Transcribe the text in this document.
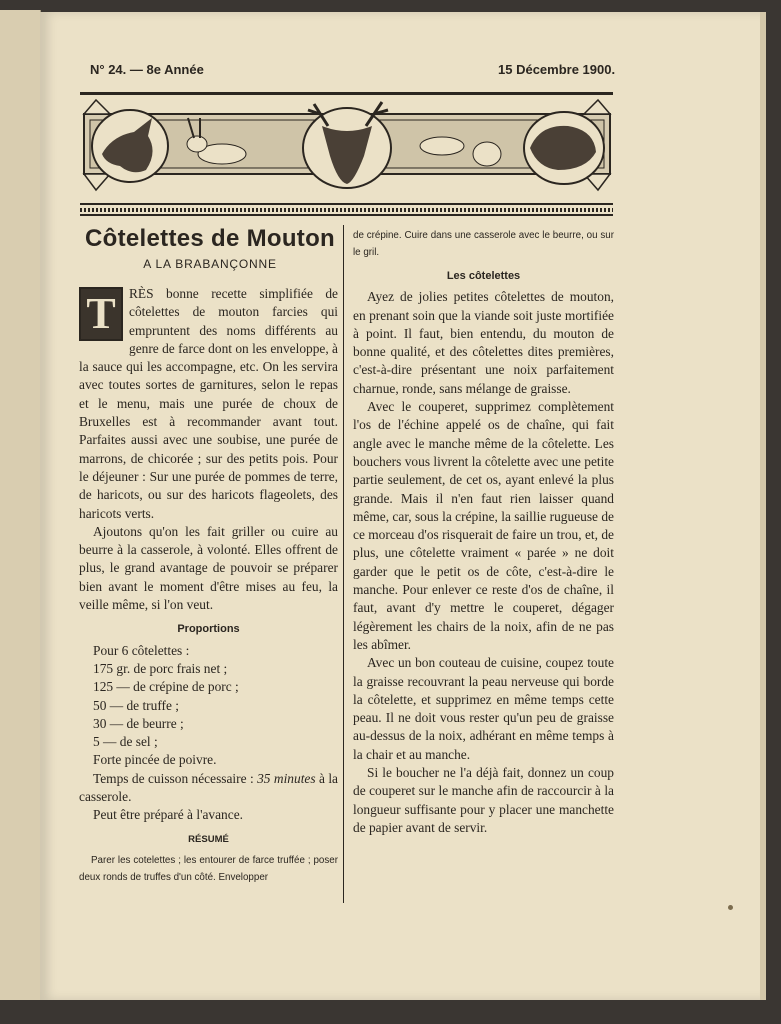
N° 24. — 8e Année	15 Décembre 1900.
Côtelettes de Mouton
A LA BRABANÇONNE
T RÈS bonne recette simplifiée de côtelettes de mouton farcies qui empruntent des noms différents au genre de farce dont on les enveloppe, à la sauce qui les accompagne, etc. On les servira avec toutes sortes de garnitures, selon le repas et le menu, mais une purée de choux de Bruxelles est à recommander avant tout. Parfaites aussi avec une soubise, une purée de marrons, de chicorée ; sur des petits pois. Pour le déjeuner : Sur une purée de pommes de terre, de haricots, ou sur des haricots flageolets, des haricots verts.

Ajoutons qu'on les fait griller ou cuire au beurre à la casserole, à volonté. Elles offrent de plus, le grand avantage de pouvoir se préparer bien avant le moment d'être mises au feu, la veille même, si l'on veut.

Proportions

Pour 6 côtelettes :

175 gr. de porc frais net ;

125 — de crépine de porc ;

50 — de truffe ;

30 — de beurre ;

5 — de sel ;

Forte pincée de poivre.

Temps de cuisson nécessaire : 35 minutes à la casserole.

Peut être préparé à l'avance.

RÉSUMÉ

Parer les cotelettes ; les entourer de farce truffée ; poser deux ronds de truffes d'un côté. Envelopper

de crépine. Cuire dans une casserole avec le beurre, ou sur le gril.

Les côtelettes

Ayez de jolies petites côtelettes de mouton, en prenant soin que la viande soit juste mortifiée à point. Il faut, bien entendu, du mouton de bonne qualité, et des côtelettes dites premières, c'est-à-dire présentant une noix parfaitement charnue, ronde, sans mélange de graisse.

Avec le couperet, supprimez complètement l'os de l'échine appelé os de chaîne, qui fait angle avec le manche même de la côtelette. Les bouchers vous livrent la côtelette avec une petite partie seulement, de cet os, ayant enlevé la plus grande. Mais il n'en faut rien laisser quand même, car, sous la crépine, la saillie rugueuse de ce morceau d'os risquerait de faire un trou, et, de plus, une côtelette vraiment « parée » ne doit garder que le petit os de côte, c'est-à-dire le manche. Pour enlever ce reste d'os de chaîne, il faut, avant d'y mettre le couperet, dégager légèrement les chairs de la noix, afin de ne pas les abîmer.

Avec un bon couteau de cuisine, coupez toute la graisse recouvrant la peau nerveuse qui borde la côtelette, et supprimez en même temps cette peau. Il ne doit vous rester qu'un peu de graisse au-dessus de la noix, adhérant en même temps à la chair et au manche.

Si le boucher ne l'a déjà fait, donnez un coup de couperet sur le manche afin de raccourcir à la longueur suffisante pour y placer une manchette de papier avant de servir.
